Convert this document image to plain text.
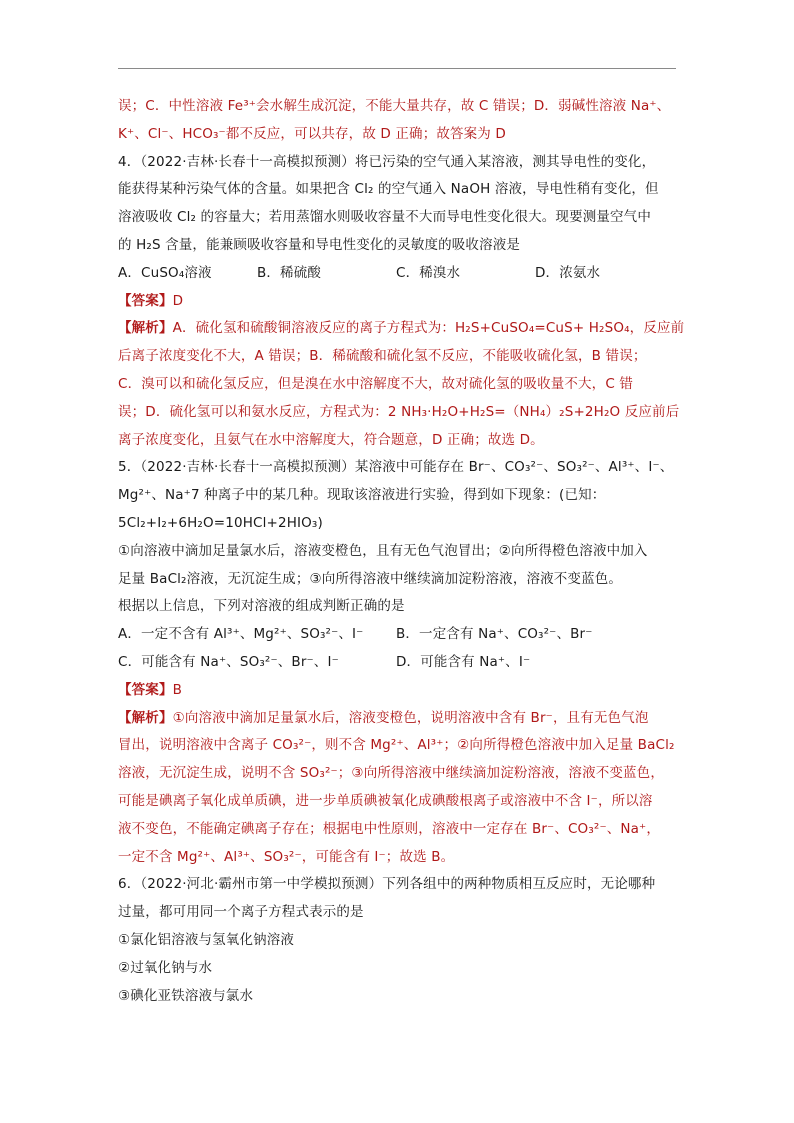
误；C．中性溶液 Fe³⁺会水解生成沉淀，不能大量共存，故 C 错误；D．弱碱性溶液 Na⁺、
K⁺、Cl⁻、HCO₃⁻都不反应，可以共存，故 D 正确；故答案为 D
4．（2022·吉林·长春十一高模拟预测）将已污染的空气通入某溶液，测其导电性的变化，
能获得某种污染气体的含量。如果把含 Cl₂ 的空气通入 NaOH 溶液，导电性稍有变化，但
溶液吸收 Cl₂ 的容量大；若用蒸馏水则吸收容量不大而导电性变化很大。现要测量空气中
的 H₂S 含量，能兼顾吸收容量和导电性变化的灵敏度的吸收溶液是
A．CuSO₄溶液	B．稀硫酸	C．稀溴水	D．浓氨水
【答案】D
【解析】A．硫化氢和硫酸铜溶液反应的离子方程式为：H₂S+CuSO₄=CuS+ H₂SO₄，反应前
后离子浓度变化不大，A 错误；B．稀硫酸和硫化氢不反应，不能吸收硫化氢，B 错误；
C．溴可以和硫化氢反应，但是溴在水中溶解度不大，故对硫化氢的吸收量不大，C 错
误；D．硫化氢可以和氨水反应，方程式为：2 NH₃·H₂O+H₂S=（NH₄）₂S+2H₂O 反应前后
离子浓度变化，且氨气在水中溶解度大，符合题意，D 正确；故选 D。
5．（2022·吉林·长春十一高模拟预测）某溶液中可能存在 Br⁻、CO₃²⁻、SO₃²⁻、Al³⁺、I⁻、
Mg²⁺、Na⁺7 种离子中的某几种。现取该溶液进行实验，得到如下现象：(已知：
5Cl₂+I₂+6H₂O=10HCl+2HIO₃)
①向溶液中滴加足量氯水后，溶液变橙色，且有无色气泡冒出；②向所得橙色溶液中加入
足量 BaCl₂溶液，无沉淀生成；③向所得溶液中继续滴加淀粉溶液，溶液不变蓝色。
根据以上信息，下列对溶液的组成判断正确的是
A．一定不含有 Al³⁺、Mg²⁺、SO₃²⁻、I⁻	B．一定含有 Na⁺、CO₃²⁻、Br⁻
C．可能含有 Na⁺、SO₃²⁻、Br⁻、I⁻	D．可能含有 Na⁺、I⁻
【答案】B
【解析】①向溶液中滴加足量氯水后，溶液变橙色，说明溶液中含有 Br⁻，且有无色气泡
冒出，说明溶液中含离子 CO₃²⁻，则不含 Mg²⁺、Al³⁺；②向所得橙色溶液中加入足量 BaCl₂
溶液，无沉淀生成，说明不含 SO₃²⁻；③向所得溶液中继续滴加淀粉溶液，溶液不变蓝色，
可能是碘离子氧化成单质碘，进一步单质碘被氧化成碘酸根离子或溶液中不含 I⁻，所以溶
液不变色，不能确定碘离子存在；根据电中性原则，溶液中一定存在 Br⁻、CO₃²⁻、Na⁺，
一定不含 Mg²⁺、Al³⁺、SO₃²⁻，可能含有 I⁻；故选 B。
6．（2022·河北·霸州市第一中学模拟预测）下列各组中的两种物质相互反应时，无论哪种
过量，都可用同一个离子方程式表示的是
①氯化铝溶液与氢氧化钠溶液
②过氧化钠与水
③碘化亚铁溶液与氯水
